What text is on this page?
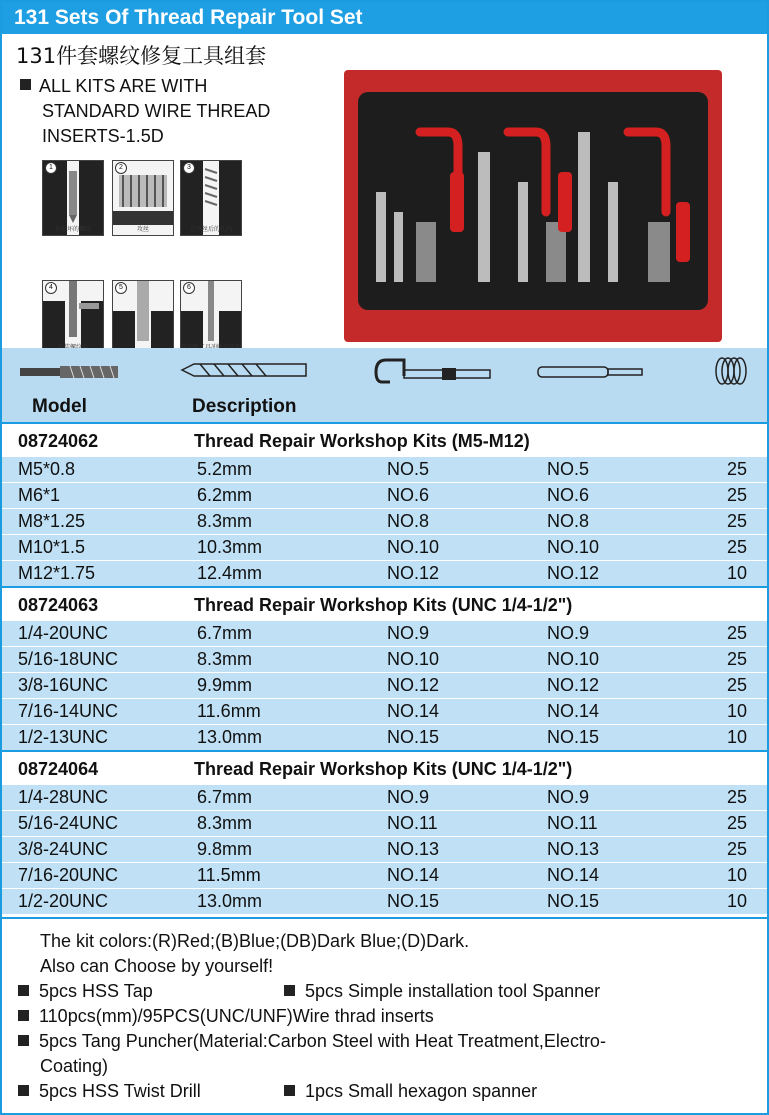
131 Sets Of Thread Repair Tool Set
131件套螺纹修复工具组套
ALL KITS ARE WITH
STANDARD WIRE THREAD
INSERTS-1.5D
1
钻损坏的螺纹
2
攻丝
3
在攻丝后的孔内
4	5	6
Model	Description
08724062	Thread Repair Workshop Kits (M5-M12)
M5*0.8	5.2mm	NO.5	NO.5	25
M6*1	6.2mm	NO.6	NO.6	25
M8*1.25	8.3mm	NO.8	NO.8	25
M10*1.5	10.3mm	NO.10	NO.10	25
M12*1.75	12.4mm	NO.12	NO.12	10
08724063	Thread Repair Workshop Kits (UNC 1/4-1/2")
1/4-20UNC	6.7mm	NO.9	NO.9	25
5/16-18UNC	8.3mm	NO.10	NO.10	25
3/8-16UNC	9.9mm	NO.12	NO.12	25
7/16-14UNC	11.6mm	NO.14	NO.14	10
1/2-13UNC	13.0mm	NO.15	NO.15	10
08724064	Thread Repair Workshop Kits (UNC 1/4-1/2")
1/4-28UNC	6.7mm	NO.9	NO.9	25
5/16-24UNC	8.3mm	NO.11	NO.11	25
3/8-24UNC	9.8mm	NO.13	NO.13	25
7/16-20UNC	11.5mm	NO.14	NO.14	10
1/2-20UNC	13.0mm	NO.15	NO.15	10
The kit colors:(R)Red;(B)Blue;(DB)Dark Blue;(D)Dark.
Also can Choose by yourself!
5pcs HSS Tap	5pcs Simple installation tool Spanner
110pcs(mm)/95PCS(UNC/UNF)Wire thrad inserts
5pcs Tang Puncher(Material:Carbon Steel with Heat Treatment,Electro-
Coating)
5pcs HSS Twist Drill	1pcs Small hexagon spanner
